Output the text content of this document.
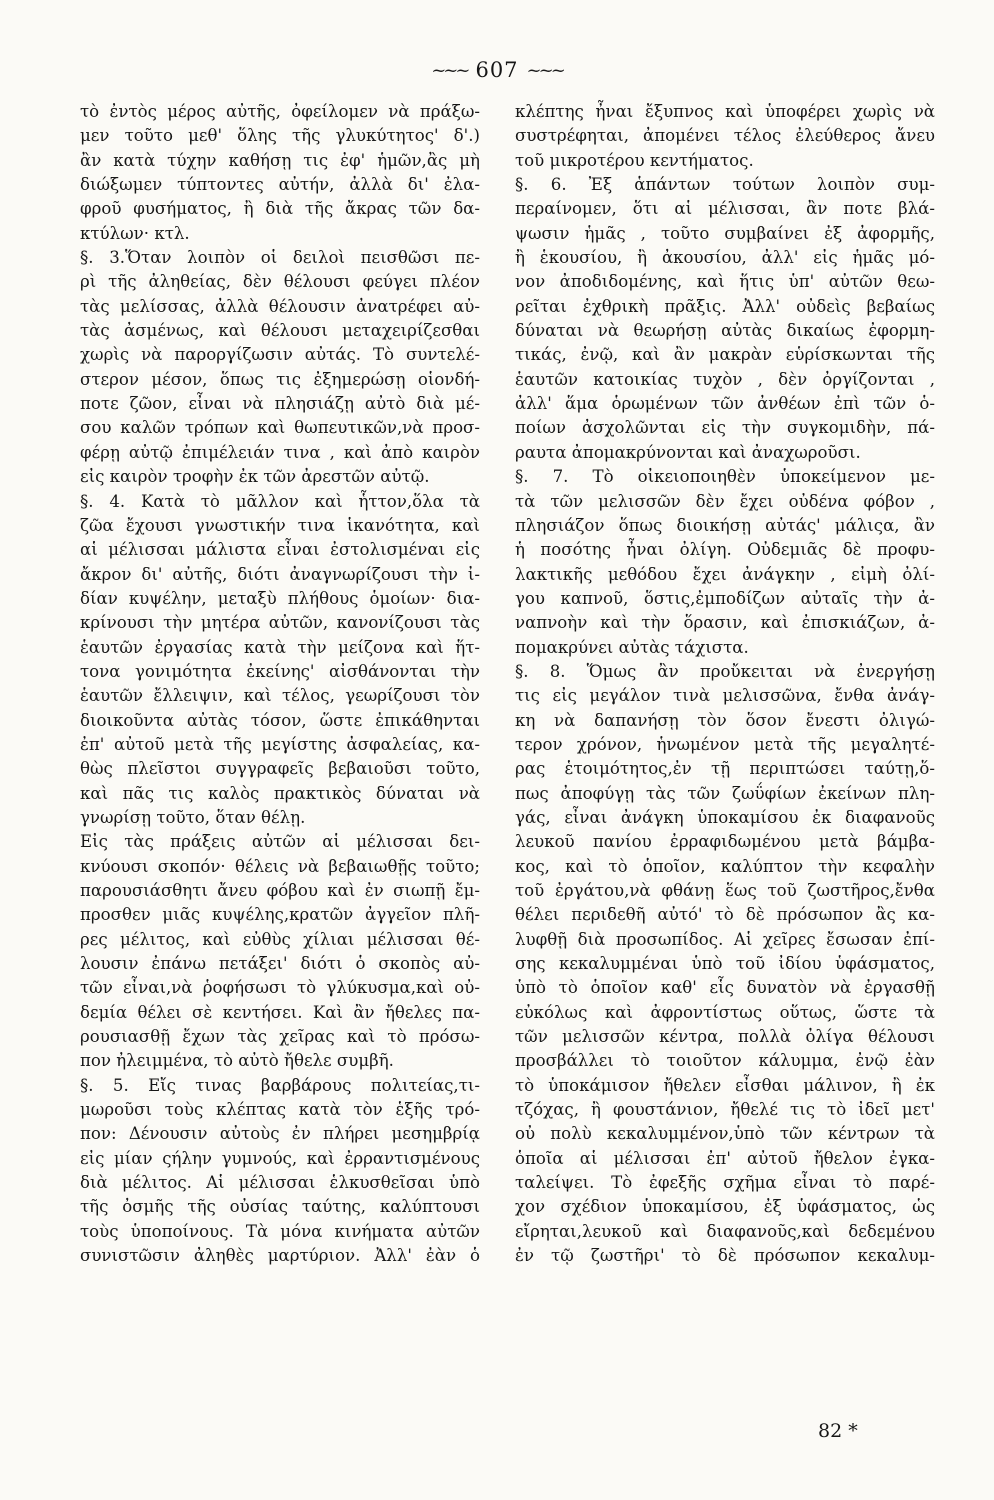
~~~ 607 ~~~
τὸ ἐντὸς μέρος αὐτῆς, ὀφείλομεν νὰ πράξω-
μεν τοῦτο μεθ' ὅλης τῆς γλυκύτητος' δ'.)
ἂν κατὰ τύχην καθήσῃ τις ἐφ' ἡμῶν,ἂς μὴ
διώξωμεν τύπτοντες αὐτήν, ἀλλὰ δι' ἐλα-
φροῦ φυσήματος, ἢ διὰ τῆς ἄκρας τῶν δα-
κτύλων· κτλ.
§. 3.Ὅταν λοιπὸν οἱ δειλοὶ πεισθῶσι πε-
ρὶ τῆς ἀληθείας, δὲν θέλουσι φεύγει πλέον
τὰς μελίσσας, ἀλλὰ θέλουσιν ἀνατρέφει αὐ-
τὰς ἀσμένως, καὶ θέλουσι μεταχειρίζεσθαι
χωρὶς νὰ παροργίζωσιν αὐτάς. Τὸ συντελέ-
στερον μέσον, ὅπως τις ἐξημερώσῃ οἱονδή-
ποτε ζῶον, εἶναι νὰ πλησιάζῃ αὐτὸ διὰ μέ-
σου καλῶν τρόπων καὶ θωπευτικῶν,νὰ προσ-
φέρῃ αὐτῷ ἐπιμέλειάν τινα , καὶ ἀπὸ καιρὸν
εἰς καιρὸν τροφὴν ἐκ τῶν ἀρεστῶν αὐτῷ.
§. 4. Κατὰ τὸ μᾶλλον καὶ ἧττον,ὅλα τὰ
ζῶα ἔχουσι γνωστικήν τινα ἱκανότητα, καὶ
αἱ μέλισσαι μάλιστα εἶναι ἐστολισμέναι εἰς
ἄκρον δι' αὐτῆς, διότι ἀναγνωρίζουσι τὴν ἰ-
δίαν κυψέλην, μεταξὺ πλήθους ὁμοίων· δια-
κρίνουσι τὴν μητέρα αὐτῶν, κανονίζουσι τὰς
ἑαυτῶν ἐργασίας κατὰ τὴν μείζονα καὶ ἥτ-
τονα γονιμότητα ἐκείνης' αἰσθάνονται τὴν
ἑαυτῶν ἔλλειψιν, καὶ τέλος, γεωρίζουσι τὸν
διοικοῦντα αὐτὰς τόσον, ὥστε ἐπικάθηνται
ἐπ' αὐτοῦ μετὰ τῆς μεγίστης ἀσφαλείας, κα-
θὼς πλεῖστοι συγγραφεῖς βεβαιοῦσι τοῦτο,
καὶ πᾶς τις καλὸς πρακτικὸς δύναται νὰ
γνωρίσῃ τοῦτο, ὅταν θέλῃ.
Εἰς τὰς πράξεις αὐτῶν αἱ μέλισσαι δει-
κνύουσι σκοπόν· θέλεις νὰ βεβαιωθῇς τοῦτο;
παρουσιάσθητι ἄνευ φόβου καὶ ἐν σιωπῇ ἔμ-
προσθεν μιᾶς κυψέλης,κρατῶν ἀγγεῖον πλῆ-
ρες μέλιτος, καὶ εὐθὺς χίλιαι μέλισσαι θέ-
λουσιν ἐπάνω πετάξει' διότι ὁ σκοπὸς αὐ-
τῶν εἶναι,νὰ ῥοφήσωσι τὸ γλύκυσμα,καὶ οὐ-
δεμία θέλει σὲ κεντήσει. Καὶ ἂν ἤθελες πα-
ρουσιασθῇ ἔχων τὰς χεῖρας καὶ τὸ πρόσω-
πον ἠλειμμένα, τὸ αὐτὸ ἤθελε συμβῆ.
§. 5. Εἴς τινας βαρβάρους πολιτείας,τι-
μωροῦσι τοὺς κλέπτας κατὰ τὸν ἑξῆς τρό-
πον: Δένουσιν αὐτοὺς ἐν πλήρει μεσημβρίᾳ
εἰς μίαν ςήλην γυμνούς, καὶ ἐρραντισμένους
διὰ μέλιτος. Αἱ μέλισσαι ἑλκυσθεῖσαι ὑπὸ
τῆς ὀσμῆς τῆς οὐσίας ταύτης, καλύπτουσι
τοὺς ὑποποίνους. Τὰ μόνα κινήματα αὐτῶν
συνιστῶσιν ἀληθὲς μαρτύριον. Ἀλλ' ἐὰν ὁ
κλέπτης ἦναι ἔξυπνος καὶ ὑποφέρει χωρὶς νὰ
συστρέφηται, ἀπομένει τέλος ἐλεύθερος ἄνευ
τοῦ μικροτέρου κεντήματος.
§. 6. Ἐξ ἁπάντων τούτων λοιπὸν συμ-
περαίνομεν, ὅτι αἱ μέλισσαι, ἂν ποτε βλά-
ψωσιν ἡμᾶς , τοῦτο συμβαίνει ἐξ ἀφορμῆς,
ἢ ἑκουσίου, ἢ ἀκουσίου, ἀλλ' εἰς ἡμᾶς μό-
νον ἀποδιδομένης, καὶ ἥτις ὑπ' αὐτῶν θεω-
ρεῖται ἐχθρικὴ πρᾶξις. Ἀλλ' οὐδεὶς βεβαίως
δύναται νὰ θεωρήσῃ αὐτὰς δικαίως ἐφορμη-
τικάς, ἐνῷ, καὶ ἂν μακρὰν εὑρίσκωνται τῆς
ἑαυτῶν κατοικίας τυχὸν , δὲν ὀργίζονται ,
ἀλλ' ἅμα ὁρωμένων τῶν ἀνθέων ἐπὶ τῶν ὁ-
ποίων ἀσχολῶνται εἰς τὴν συγκομιδὴν, πά-
ραυτα ἀπομακρύνονται καὶ ἀναχωροῦσι.
§. 7. Τὸ οἰκειοποιηθὲν ὑποκείμενον με-
τὰ τῶν μελισσῶν δὲν ἔχει οὐδένα φόβον ,
πλησιάζον ὅπως διοικήσῃ αὐτάς' μάλιςα, ἂν
ἡ ποσότης ἦναι ὀλίγη. Οὐδεμιᾶς δὲ προφυ-
λακτικῆς μεθόδου ἔχει ἀνάγκην , εἰμὴ ὀλί-
γου καπνοῦ, ὅστις,ἐμποδίζων αὐταῖς τὴν ἀ-
ναπνοὴν καὶ τὴν ὅρασιν, καὶ ἐπισκιάζων, ἀ-
πομακρύνει αὐτὰς τάχιστα.
§. 8. Ὅμως ἂν προὔκειται νὰ ἐνεργήσῃ
τις εἰς μεγάλον τινὰ μελισσῶνα, ἔνθα ἀνάγ-
κη νὰ δαπανήσῃ τὸν ὅσον ἔνεστι ὀλιγώ-
τερον χρόνον, ἡνωμένον μετὰ τῆς μεγαλητέ-
ρας ἑτοιμότητος,ἐν τῇ περιπτώσει ταύτῃ,ὅ-
πως ἀποφύγῃ τὰς τῶν ζωΰφίων ἐκείνων πλη-
γάς, εἶναι ἀνάγκη ὑποκαμίσου ἐκ διαφανοῦς
λευκοῦ πανίου ἐρραφιδωμένου μετὰ βάμβα-
κος, καὶ τὸ ὁποῖον, καλύπτον τὴν κεφαλὴν
τοῦ ἐργάτου,νὰ φθάνῃ ἕως τοῦ ζωστῆρος,ἔνθα
θέλει περιδεθῆ αὐτό' τὸ δὲ πρόσωπον ἂς κα-
λυφθῇ διὰ προσωπίδος. Αἱ χεῖρες ἔσωσαν ἐπί-
σης κεκαλυμμέναι ὑπὸ τοῦ ἰδίου ὑφάσματος,
ὑπὸ τὸ ὁποῖον καθ' εἷς δυνατὸν νὰ ἐργασθῇ
εὐκόλως καὶ ἀφροντίστως οὕτως, ὥστε τὰ
τῶν μελισσῶν κέντρα, πολλὰ ὀλίγα θέλουσι
προσβάλλει τὸ τοιοῦτον κάλυμμα, ἐνῷ ἐὰν
τὸ ὑποκάμισον ἤθελεν εἶσθαι μάλινον, ἢ ἐκ
τζόχας, ἢ φουστάνιον, ἤθελέ τις τὸ ἰδεῖ μετ'
οὐ πολὺ κεκαλυμμένον,ὑπὸ τῶν κέντρων τὰ
ὁποῖα αἱ μέλισσαι ἐπ' αὐτοῦ ἤθελον ἐγκα-
ταλείψει. Τὸ ἐφεξῆς σχῆμα εἶναι τὸ παρέ-
χον σχέδιον ὑποκαμίσου, ἐξ ὑφάσματος, ὡς
εἴρηται,λευκοῦ καὶ διαφανοῦς,καὶ δεδεμένου
ἐν τῷ ζωστῆρι' τὸ δὲ πρόσωπον κεκαλυμ-
82 *
